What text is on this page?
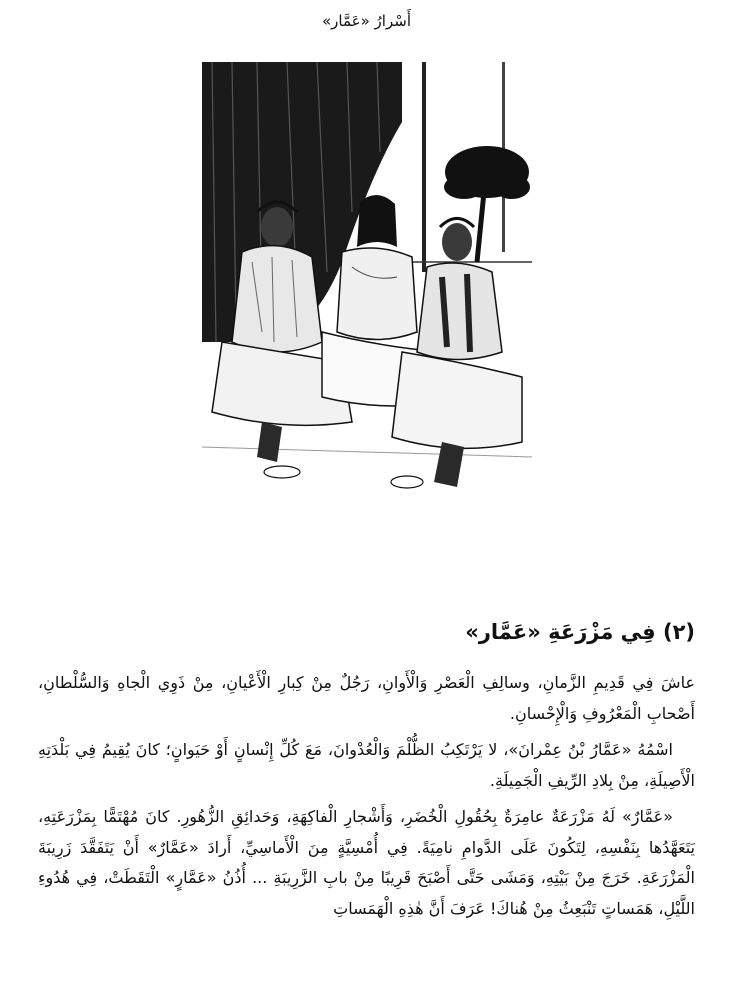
أَسْرارُ «عَمَّار»
(٢) فِي مَزْرَعَةِ «عَمَّار»

عاشَ فِي قَدِيمِ الزَّمانِ، وسالِفِ الْعَصْرِ وَالْأَوانِ، رَجُلٌ مِنْ كِبارِ الْأَعْيانِ، مِنْ ذَوِي الْجاهِ وَالسُّلْطانِ، أَصْحابِ الْمَعْرُوفِ وَالْإِحْسانِ.

اسْمُهُ «عَمَّارُ بْنُ عِمْرانَ»، لا يَرْتَكِبُ الظُّلْمَ وَالْعُدْوانَ، مَعَ كُلِّ إِنْسانٍ أَوْ حَيَوانٍ؛ كانَ يُقِيمُ فِي بَلْدَتِهِ الْأَصِيلَةِ، مِنْ بِلادِ الرِّيفِ الْجَمِيلَةِ.

«عَمَّارٌ» لَهُ مَزْرَعَةٌ عامِرَةٌ بِحُقُولِ الْخُضَرِ، وَأَشْجارِ الْفاكِهَةِ، وَحَدائِقِ الزُّهُورِ. كانَ مُهْتَمًّا بِمَزْرَعَتِهِ، يَتَعَهَّدُها بِنَفْسِهِ، لِتَكُونَ عَلَى الدَّوامِ نامِيَةً. فِي أُمْسِيَّةٍ مِنَ الْأَماسِيِّ، أَرادَ «عَمَّارٌ» أَنْ يَتَفَقَّدَ زَرِيبَةَ الْمَزْرَعَةِ. خَرَجَ مِنْ بَيْتِهِ، وَمَشَى حَتَّى أَصْبَحَ قَرِيبًا مِنْ بابِ الزَّرِيبَةِ ... أُذُنُ «عَمَّارٍ» الْتَقَطَتْ، فِي هُدُوءِ اللَّيْلِ، هَمَساتٍ تَنْبَعِثُ مِنْ هُناكَ! عَرَفَ أَنَّ هٰذِهِ الْهَمَساتِ
